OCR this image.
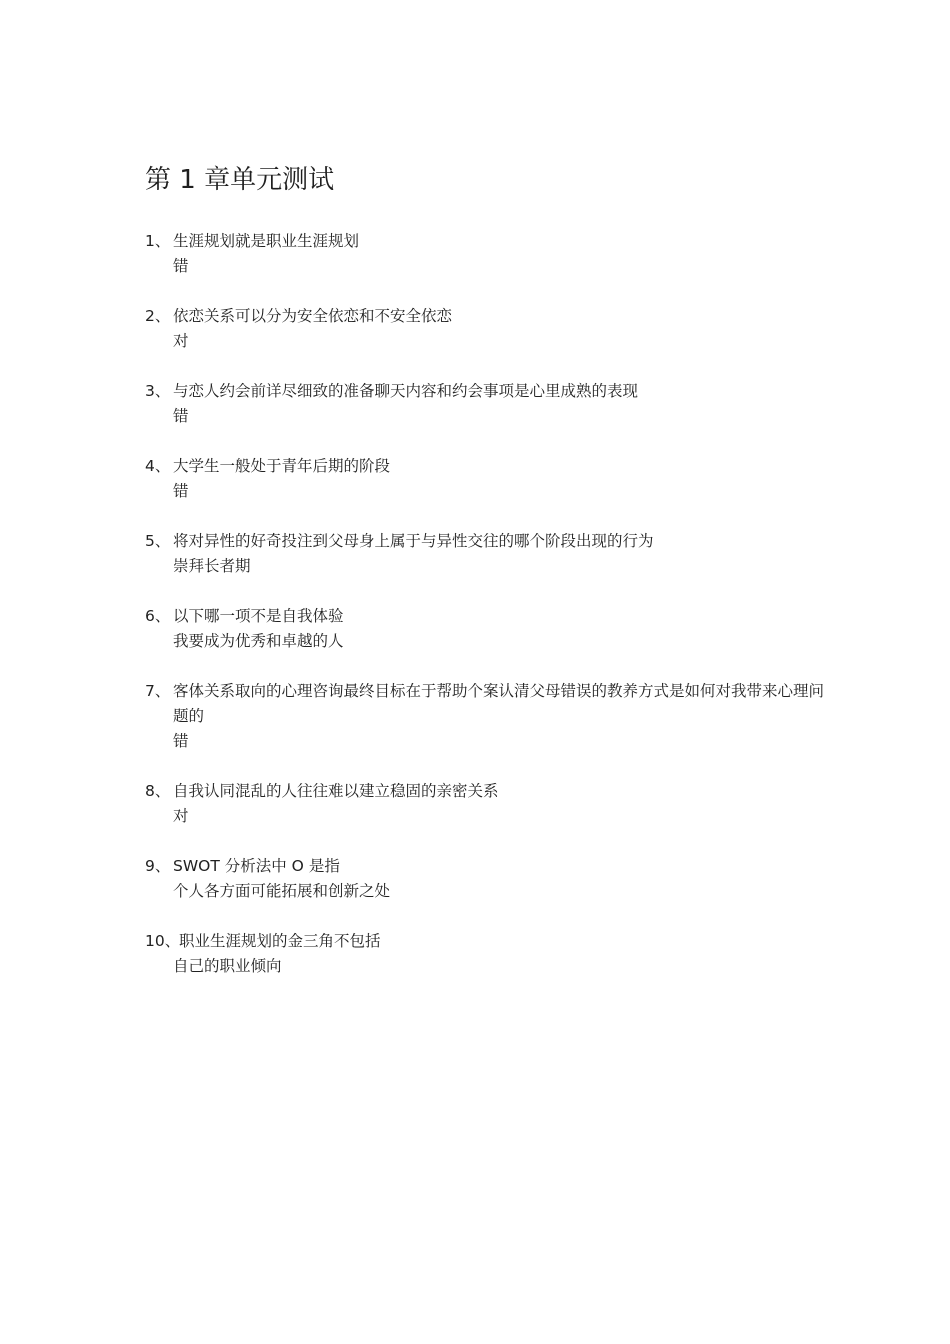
第 1 章单元测试
1、 生涯规划就是职业生涯规划
错
2、 依恋关系可以分为安全依恋和不安全依恋
对
3、 与恋人约会前详尽细致的准备聊天内容和约会事项是心里成熟的表现
错
4、 大学生一般处于青年后期的阶段
错
5、 将对异性的好奇投注到父母身上属于与异性交往的哪个阶段出现的行为
崇拜长者期
6、 以下哪一项不是自我体验
我要成为优秀和卓越的人
7、 客体关系取向的心理咨询最终目标在于帮助个案认清父母错误的教养方式是如何对我带来心理问题的
错
8、 自我认同混乱的人往往难以建立稳固的亲密关系
对
9、 SWOT 分析法中 O 是指
个人各方面可能拓展和创新之处
10、
职业生涯规划的金三角不包括
自己的职业倾向
